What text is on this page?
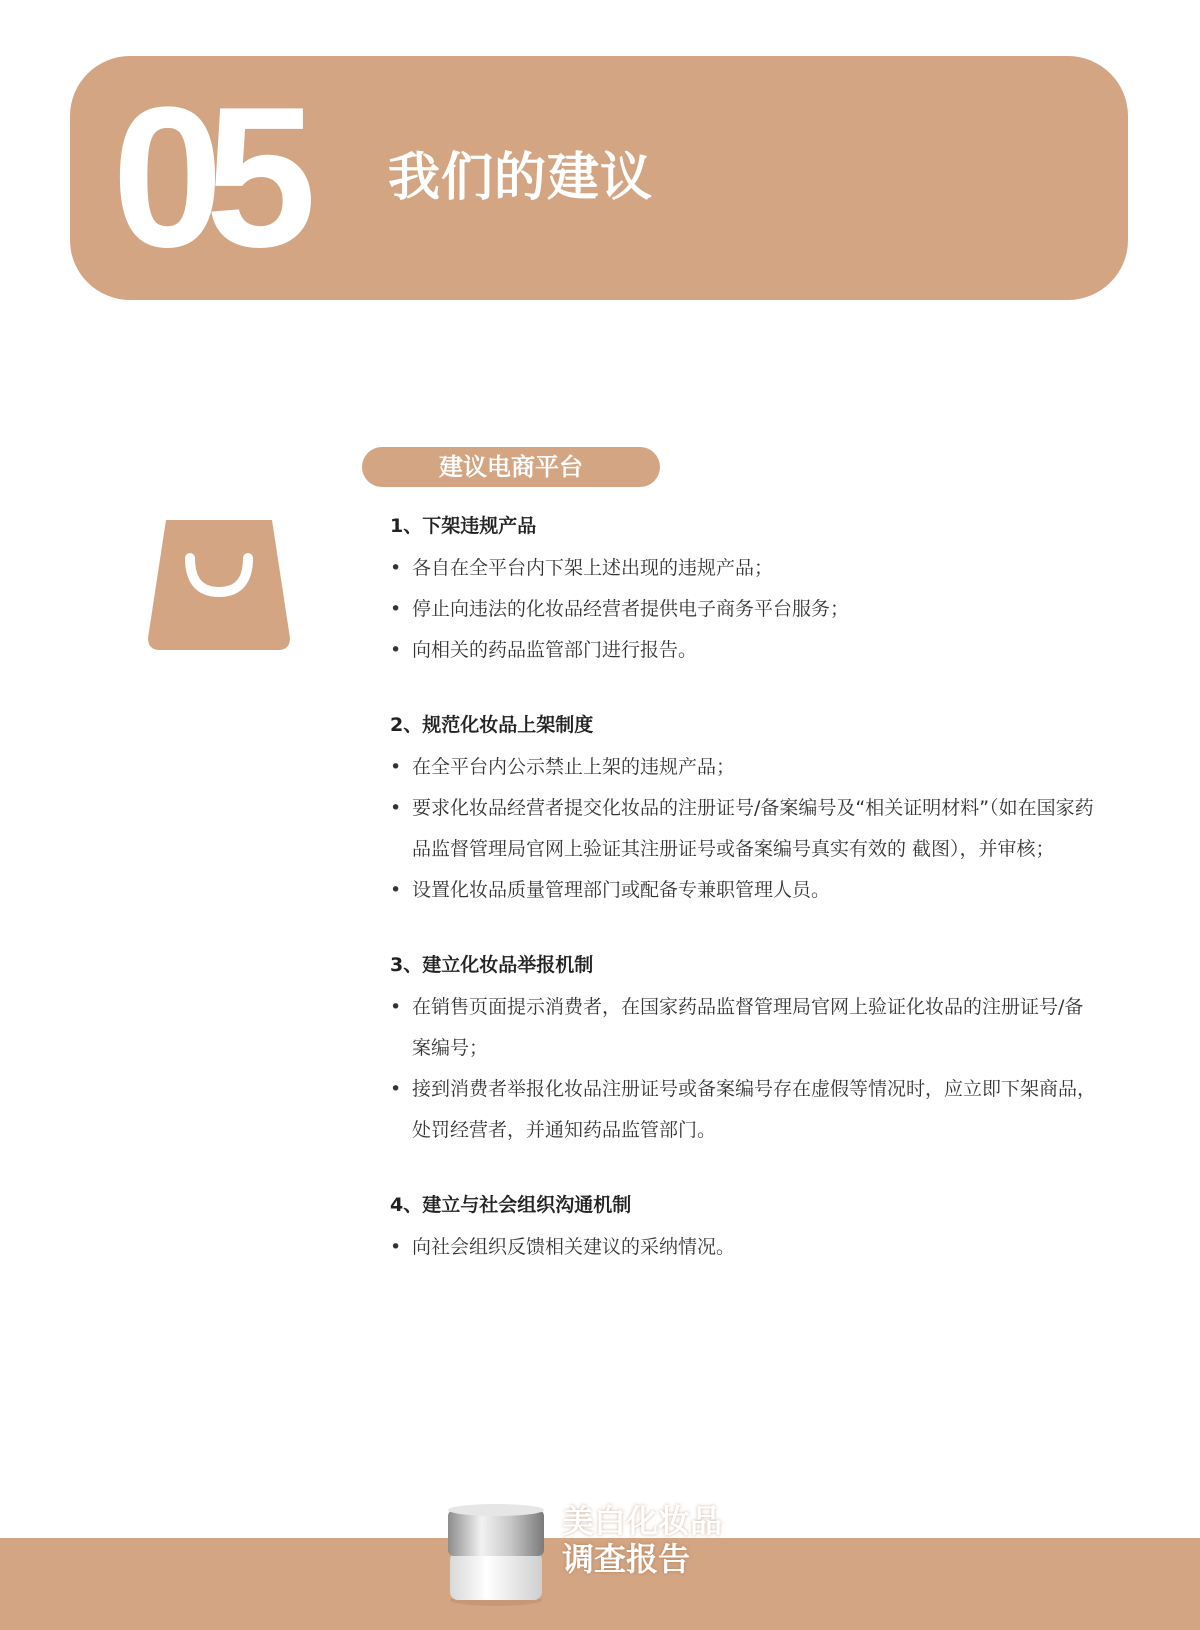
05 我们的建议
建议电商平台
1、下架违规产品
• 各自在全平台内下架上述出现的违规产品；
• 停止向违法的化妆品经营者提供电子商务平台服务；
• 向相关的药品监管部门进行报告。
2、规范化妆品上架制度
• 在全平台内公示禁止上架的违规产品；
• 要求化妆品经营者提交化妆品的注册证号/备案编号及“相关证明材料”（如在国家药品监督管理局官网上验证其注册证号或备案编号真实有效的 截图），并审核；
• 设置化妆品质量管理部门或配备专兼职管理人员。
3、建立化妆品举报机制
• 在销售页面提示消费者，在国家药品监督管理局官网上验证化妆品的注册证号/备案编号；
• 接到消费者举报化妆品注册证号或备案编号存在虚假等情况时，应立即下架商品，处罚经营者，并通知药品监管部门。
4、建立与社会组织沟通机制
• 向社会组织反馈相关建议的采纳情况。
美白化妆品
调查报告
